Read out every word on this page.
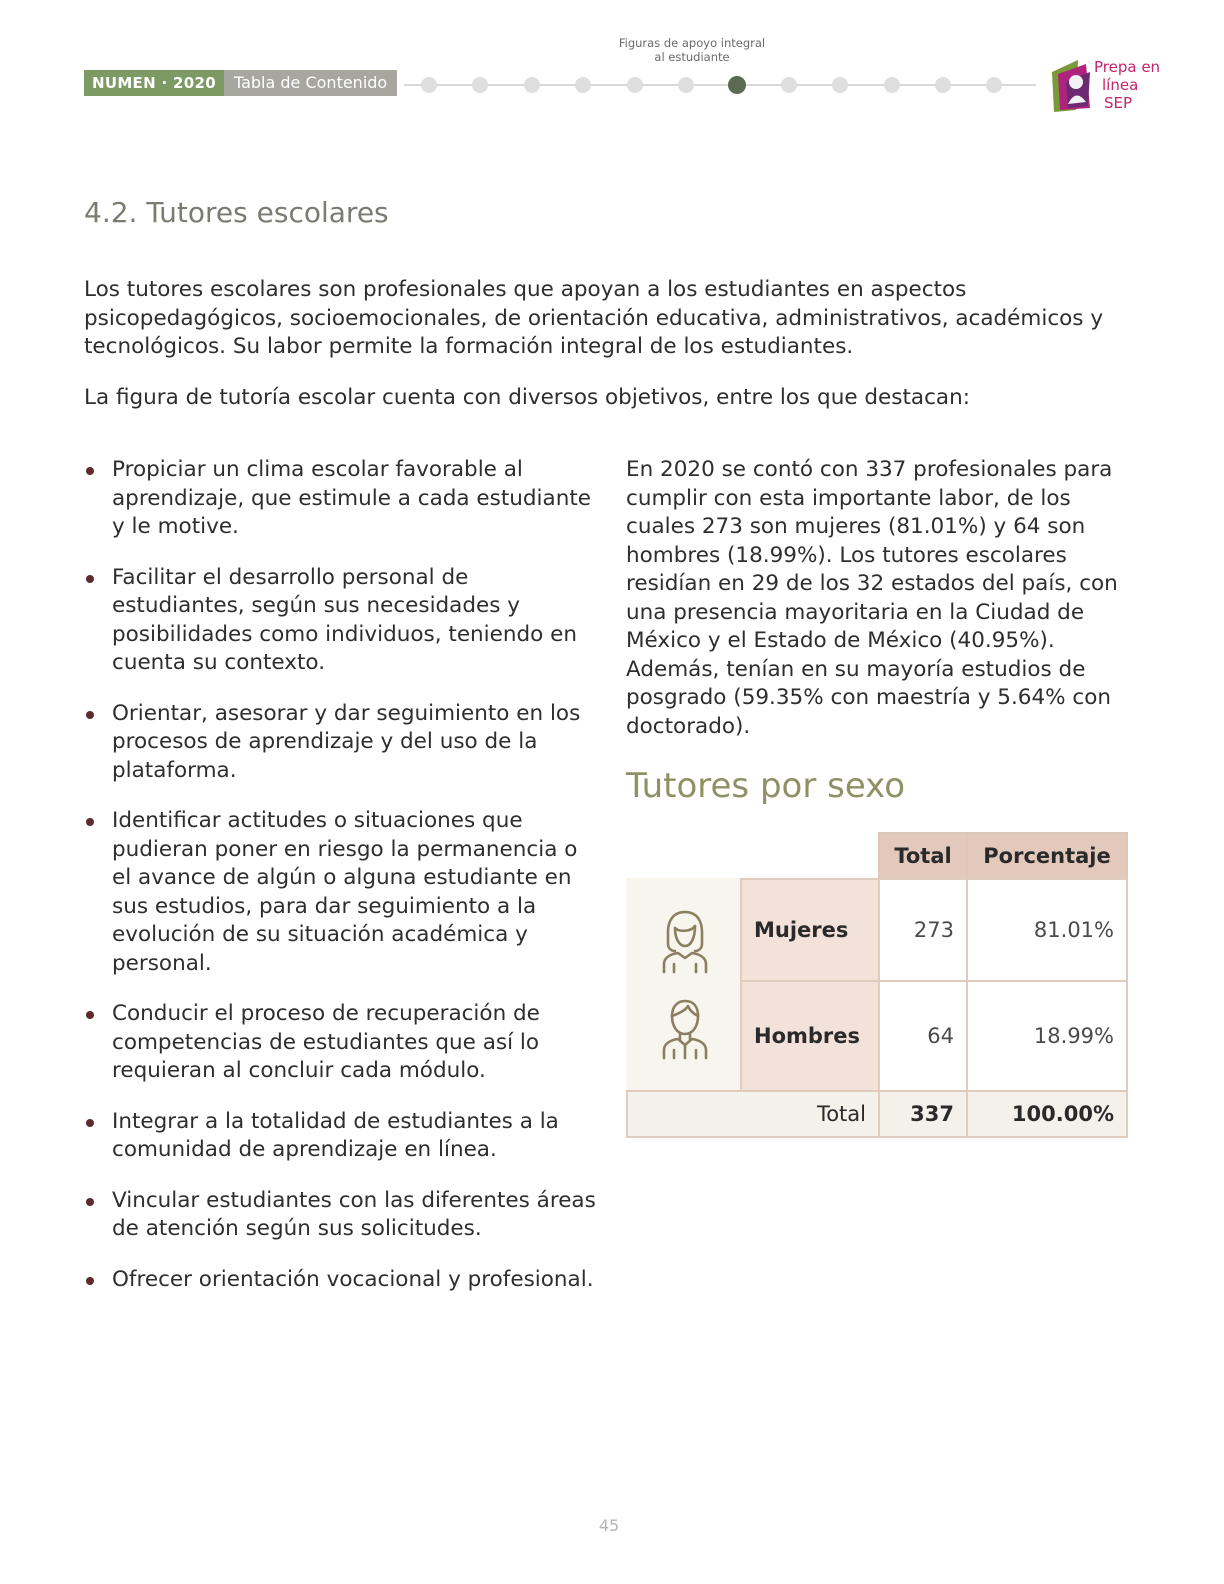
NUMEN · 2020	Tabla de Contenido
Figuras de apoyo integral
al estudiante
Prepa en
línea
SEP
4.2. Tutores escolares

Los tutores escolares son profesionales que apoyan a los estudiantes en aspectos psicopedagógicos, socioemocionales, de orientación educativa, administrativos, académicos y tecnológicos. Su labor permite la formación integral de los estudiantes.

La figura de tutoría escolar cuenta con diversos objetivos, entre los que destacan:

Propiciar un clima escolar favorable al aprendizaje, que estimule a cada estudiante y le motive.
Facilitar el desarrollo personal de estudiantes, según sus necesidades y posibilidades como individuos, teniendo en cuenta su contexto.
Orientar, asesorar y dar seguimiento en los procesos de aprendizaje y del uso de la plataforma.
Identificar actitudes o situaciones que pudieran poner en riesgo la permanencia o el avance de algún o alguna estudiante en sus estudios, para dar seguimiento a la evolución de su situación académica y personal.
Conducir el proceso de recuperación de competencias de estudiantes que así lo requieran al concluir cada módulo.
Integrar a la totalidad de estudiantes a la comunidad de aprendizaje en línea.
Vincular estudiantes con las diferentes áreas de atención según sus solicitudes.
Ofrecer orientación vocacional y profesional.

En 2020 se contó con 337 profesionales para cumplir con esta importante labor, de los cuales 273 son mujeres (81.01%) y 64 son hombres (18.99%). Los tutores escolares residían en 29 de los 32 estados del país, con una presencia mayoritaria en la Ciudad de México y el Estado de México (40.95%). Además, tenían en su mayoría estudios de posgrado (59.35% con maestría y 5.64% con doctorado).

Tutores por sexo
Total	Porcentaje
Mujeres	273	81.01%
Hombres	64	18.99%
Total	337	100.00%
45
